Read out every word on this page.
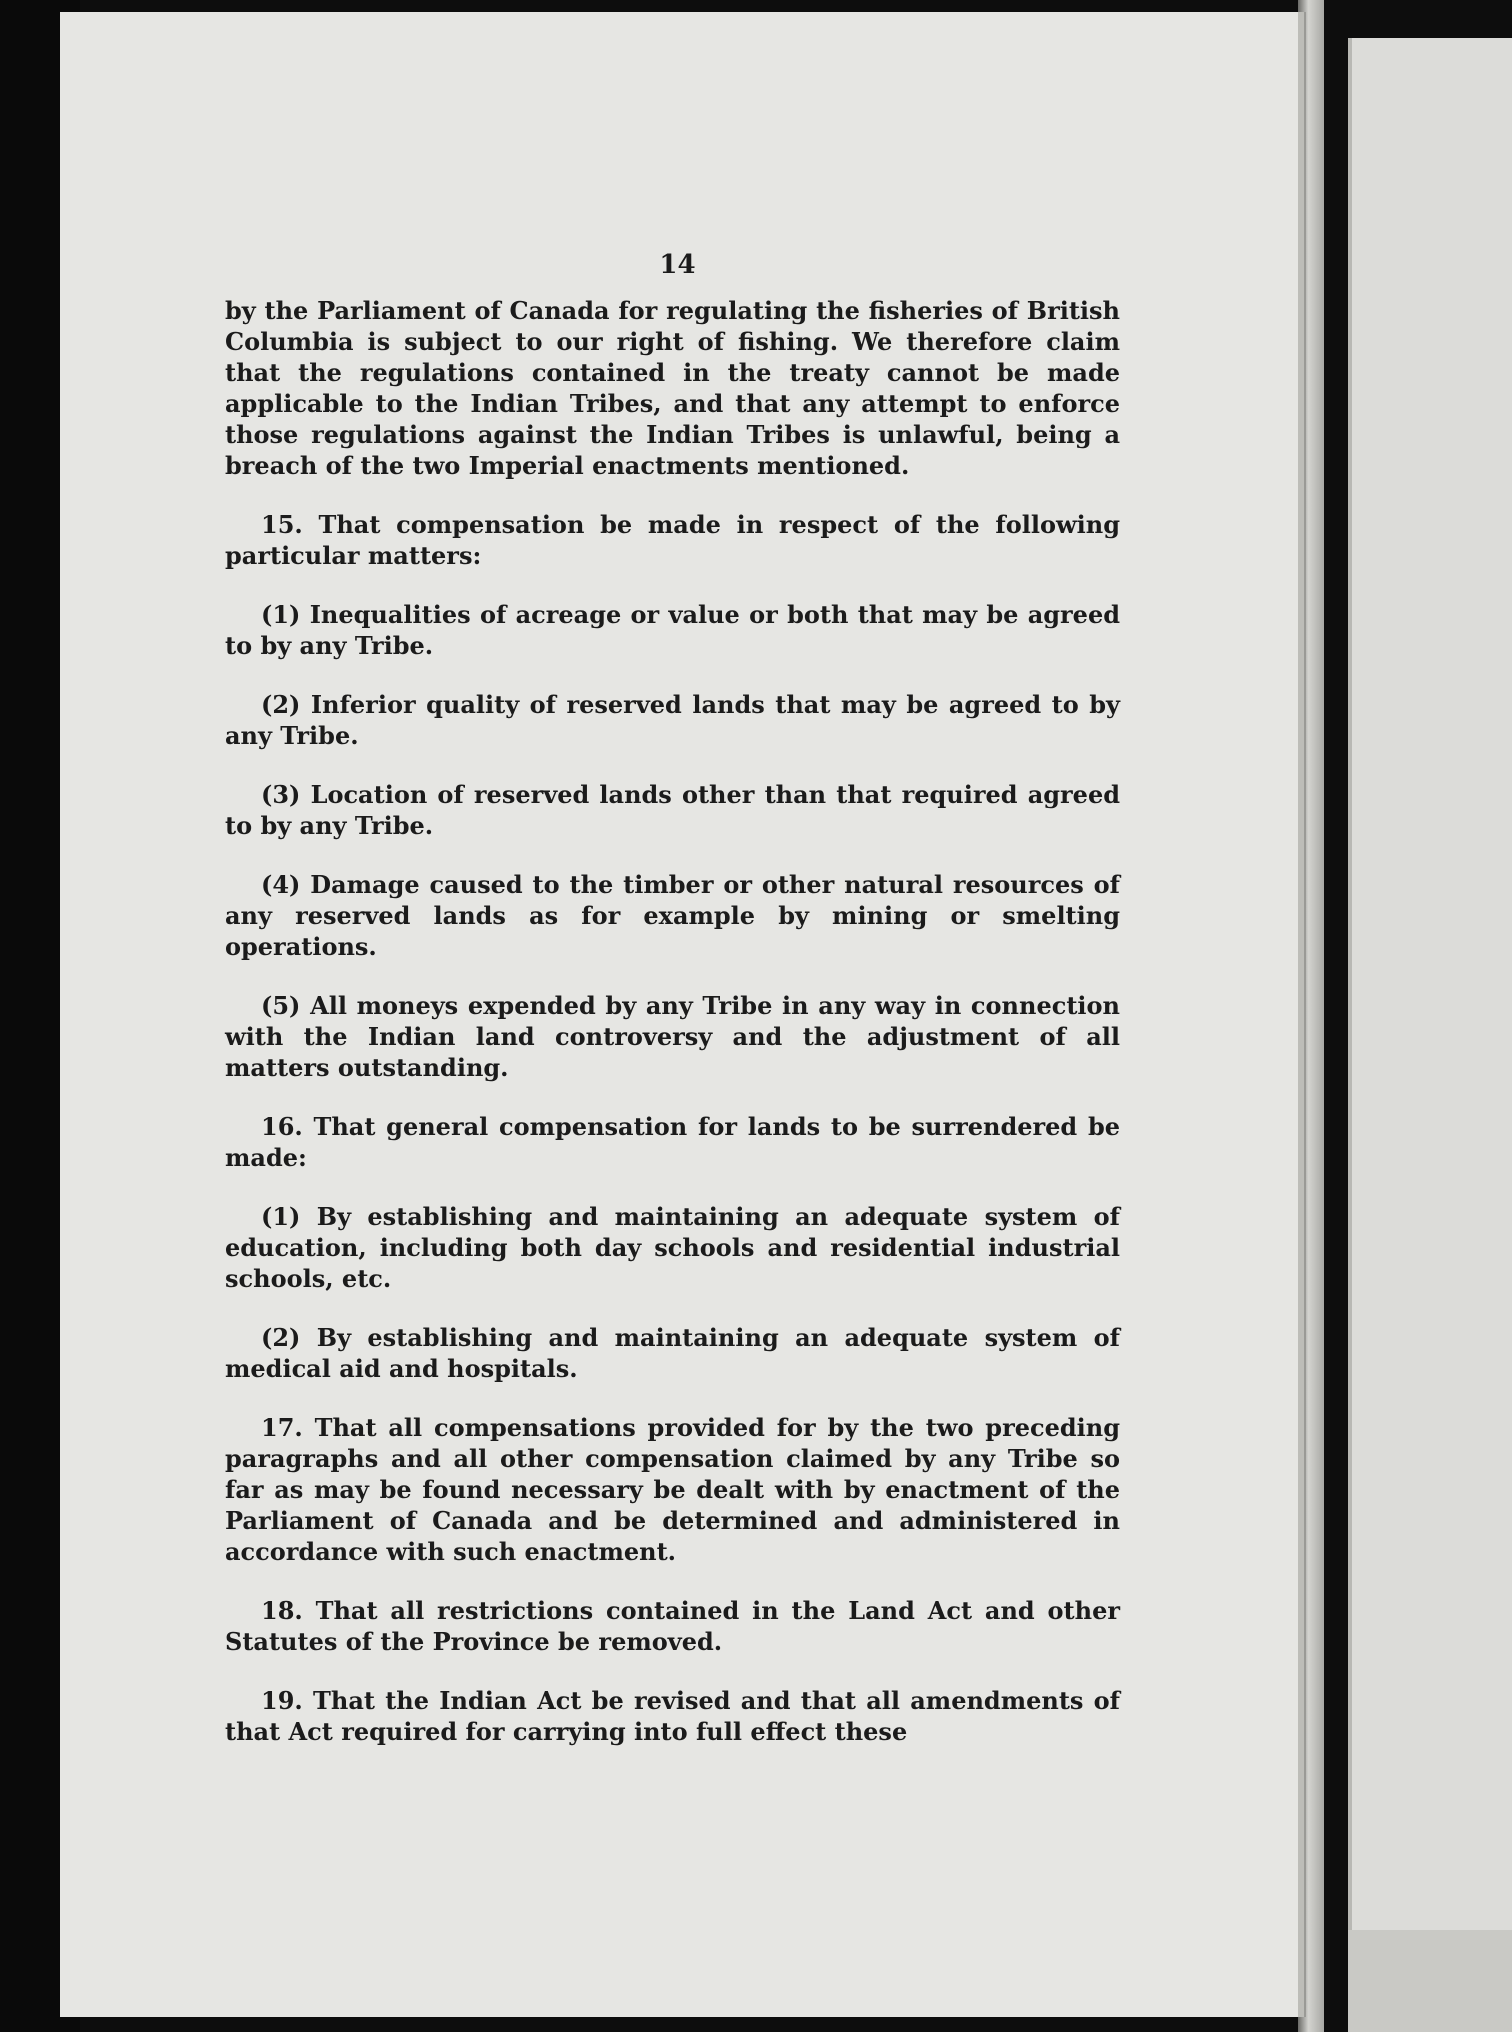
14

by the Parliament of Canada for regulating the fisheries of British Columbia is subject to our right of fishing. We therefore claim that the regulations contained in the treaty cannot be made applicable to the Indian Tribes, and that any attempt to enforce those regulations against the Indian Tribes is unlawful, being a breach of the two Imperial enactments mentioned.

15. That compensation be made in respect of the following particular matters:

(1) Inequalities of acreage or value or both that may be agreed to by any Tribe.

(2) Inferior quality of reserved lands that may be agreed to by any Tribe.

(3) Location of reserved lands other than that required agreed to by any Tribe.

(4) Damage caused to the timber or other natural resources of any reserved lands as for example by mining or smelting operations.

(5) All moneys expended by any Tribe in any way in connection with the Indian land controversy and the adjustment of all matters outstanding.

16. That general compensation for lands to be surrendered be made:

(1) By establishing and maintaining an adequate system of education, including both day schools and residential industrial schools, etc.

(2) By establishing and maintaining an adequate system of medical aid and hospitals.

17. That all compensations provided for by the two preceding paragraphs and all other compensation claimed by any Tribe so far as may be found necessary be dealt with by enactment of the Parliament of Canada and be determined and administered in accordance with such enactment.

18. That all restrictions contained in the Land Act and other Statutes of the Province be removed.

19. That the Indian Act be revised and that all amendments of that Act required for carrying into full effect these
